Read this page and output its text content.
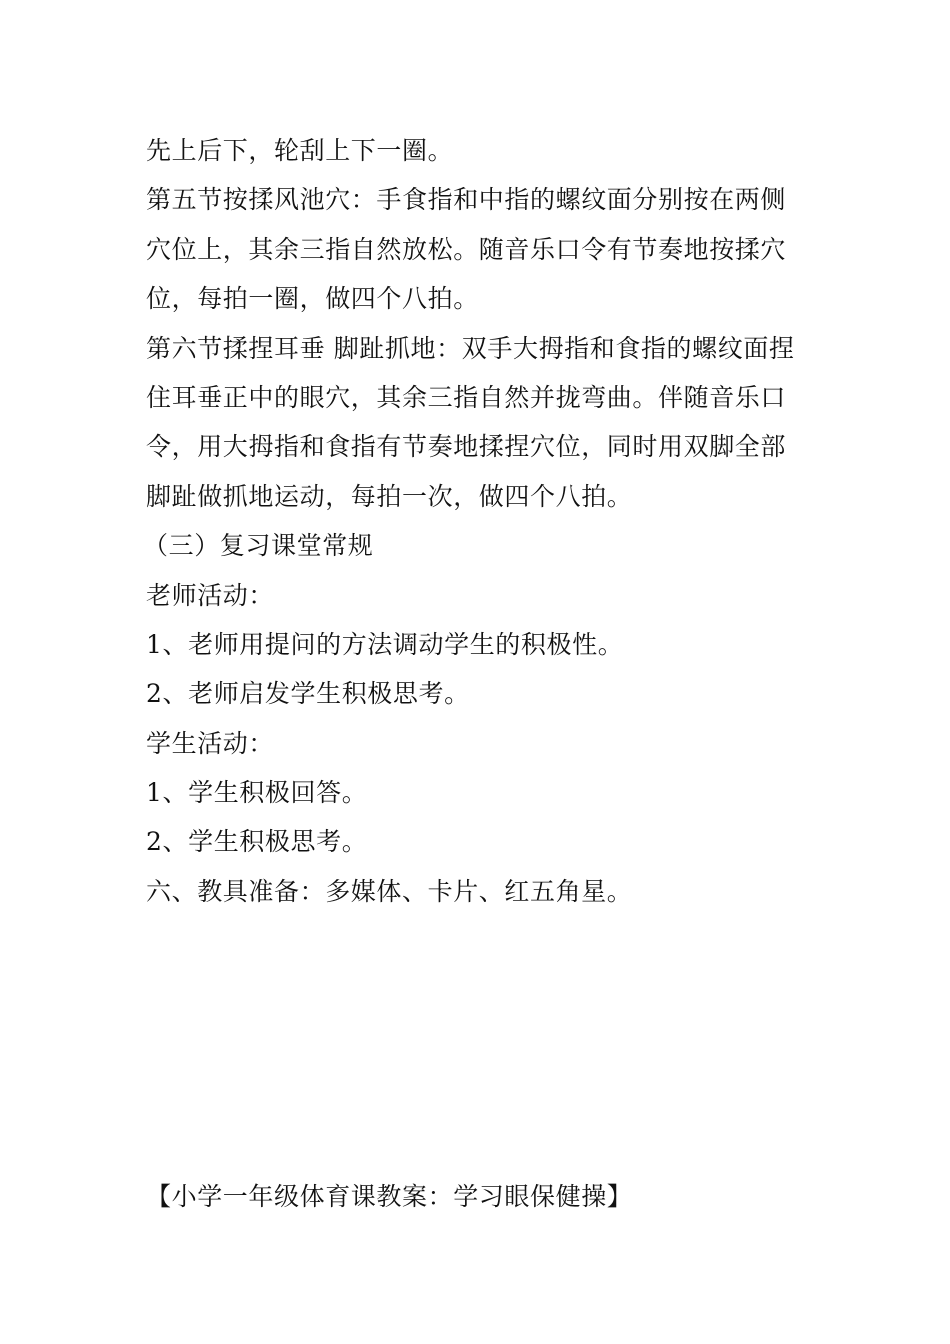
先上后下，轮刮上下一圈。
第五节按揉风池穴：手食指和中指的螺纹面分别按在两侧
穴位上，其余三指自然放松。随音乐口令有节奏地按揉穴
位，每拍一圈，做四个八拍。
第六节揉捏耳垂 脚趾抓地：双手大拇指和食指的螺纹面捏
住耳垂正中的眼穴，其余三指自然并拢弯曲。伴随音乐口
令，用大拇指和食指有节奏地揉捏穴位，同时用双脚全部
脚趾做抓地运动，每拍一次，做四个八拍。
（三）复习课堂常规
老师活动：
1、老师用提问的方法调动学生的积极性。
2、老师启发学生积极思考。
学生活动：
1、学生积极回答。
2、学生积极思考。
六、教具准备：多媒体、卡片、红五角星。
【小学一年级体育课教案：学习眼保健操】
